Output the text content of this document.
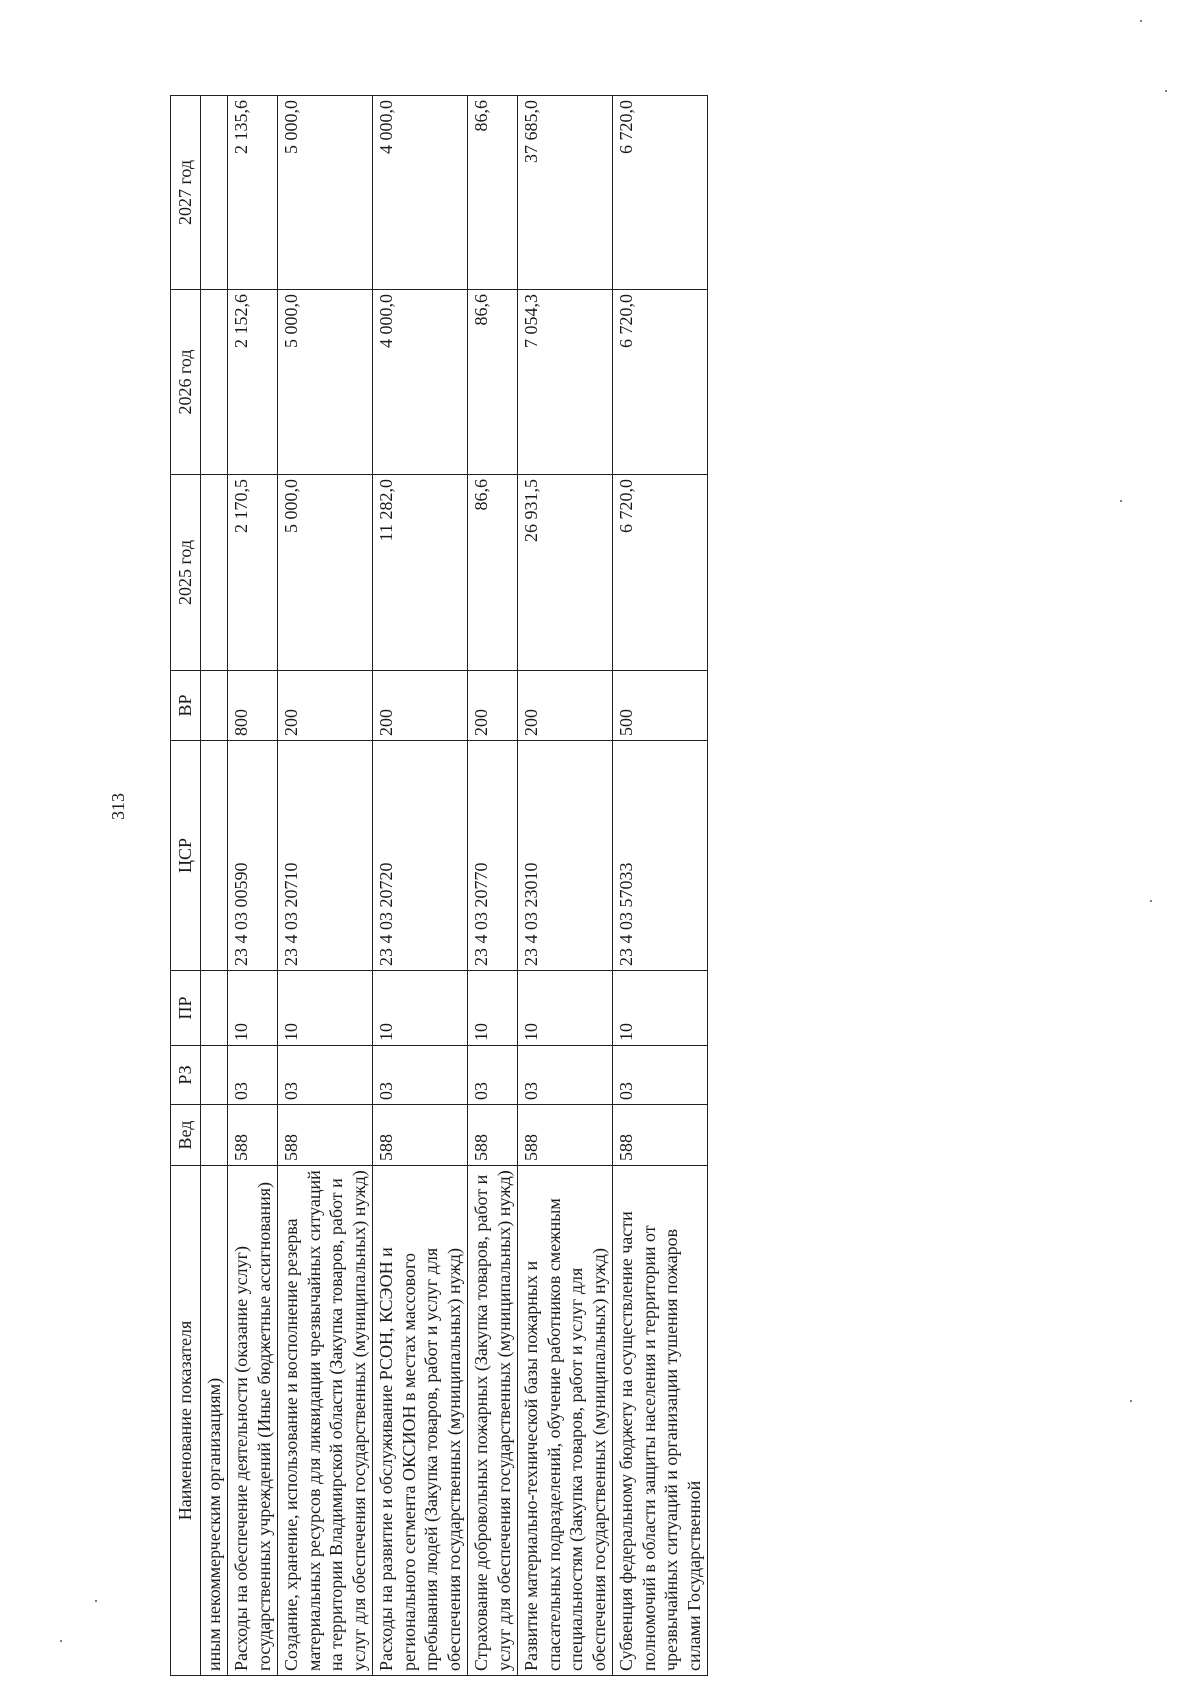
313
Наименование показателя	Вед	РЗ	ПР	ЦСР	ВР	2025 год	2026 год	2027 год
иным некоммерческим организациям)								
Расходы на обеспечение деятельности (оказание услуг) государственных учреждений (Иные бюджетные ассигнования)	588	03	10	23 4 03 00590	800	2 170,5	2 152,6	2 135,6
Создание, хранение, использование и восполнение резерва материальных ресурсов для ликвидации чрезвычайных ситуаций на территории Владимирской области (Закупка товаров, работ и услуг для обеспечения государственных (муниципальных) нужд)	588	03	10	23 4 03 20710	200	5 000,0	5 000,0	5 000,0
Расходы на развитие и обслуживание РСОН, КСЭОН и регионального сегмента ОКСИОН в местах массового пребывания людей (Закупка товаров, работ и услуг для обеспечения государственных (муниципальных) нужд)	588	03	10	23 4 03 20720	200	11 282,0	4 000,0	4 000,0
Страхование добровольных пожарных (Закупка товаров, работ и услуг для обеспечения государственных (муниципальных) нужд)	588	03	10	23 4 03 20770	200	86,6	86,6	86,6
Развитие материально-технической базы пожарных и спасательных подразделений, обучение работников смежным специальностям (Закупка товаров, работ и услуг для обеспечения государственных (муниципальных) нужд)	588	03	10	23 4 03 23010	200	26 931,5	7 054,3	37 685,0
Субвенция федеральному бюджету на осуществление части полномочий в области защиты населения и территории от чрезвычайных ситуаций и организации тушения пожаров силами Государственной	588	03	10	23 4 03 57033	500	6 720,0	6 720,0	6 720,0
